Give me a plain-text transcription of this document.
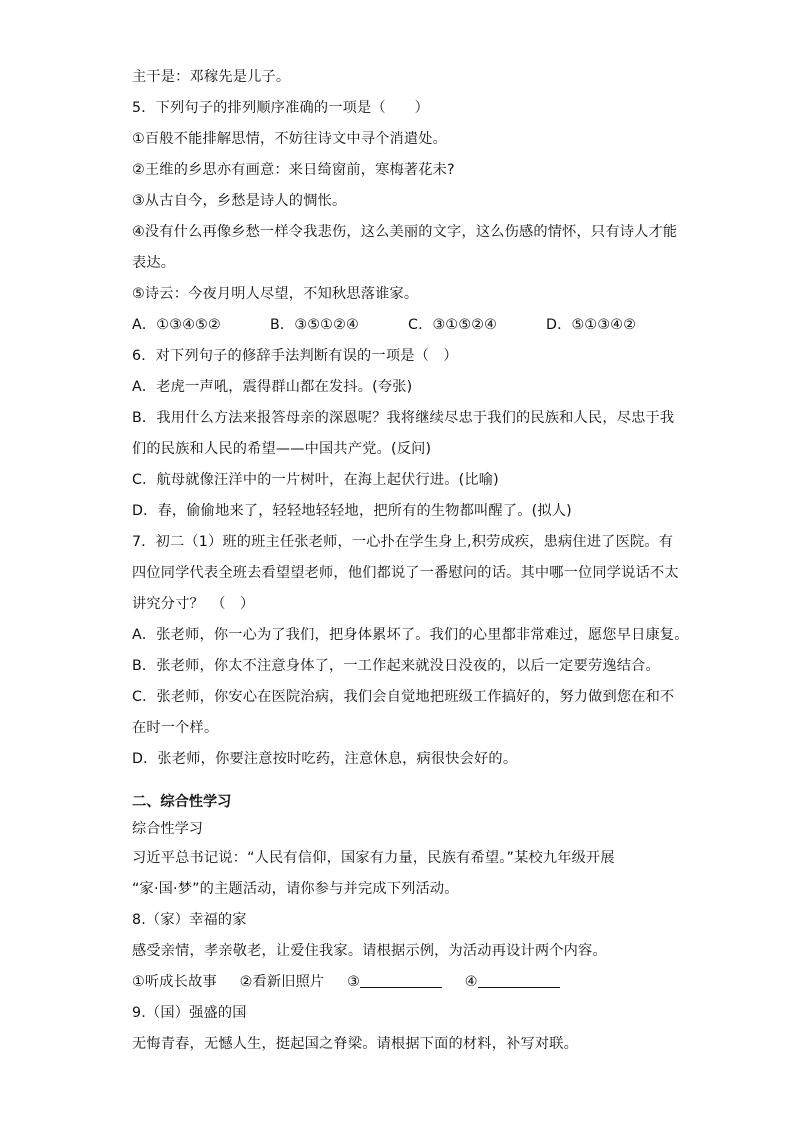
主干是：邓稼先是儿子。
5．下列句子的排列顺序准确的一项是（　　）
①百般不能排解思情，不妨往诗文中寻个消遣处。
②王维的乡思亦有画意：来日绮窗前，寒梅著花未?
③从古自今，乡愁是诗人的惆怅。
④没有什么再像乡愁一样令我悲伤，这么美丽的文字，这么伤感的情怀，只有诗人才能
表达。
⑤诗云：今夜月明人尽望，不知秋思落谁家。
A．①③④⑤②	B．③⑤①②④	C．③①⑤②④	D．⑤①③④②
6．对下列句子的修辞手法判断有误的一项是（　）
A．老虎一声吼，震得群山都在发抖。(夸张)
B．我用什么方法来报答母亲的深恩呢？我将继续尽忠于我们的民族和人民，尽忠于我
们的民族和人民的希望——中国共产党。(反问)
C．航母就像汪洋中的一片树叶，在海上起伏行进。(比喻)
D．春，偷偷地来了，轻轻地轻轻地，把所有的生物都叫醒了。(拟人)
7．初二（1）班的班主任张老师，一心扑在学生身上,积劳成疾，患病住进了医院。有
四位同学代表全班去看望望老师，他们都说了一番慰问的话。其中哪一位同学说话不太
讲究分寸？　（　）
A．张老师，你一心为了我们，把身体累坏了。我们的心里都非常难过，愿您早日康复。
B．张老师，你太不注意身体了，一工作起来就没日没夜的，以后一定要劳逸结合。
C．张老师，你安心在医院治病，我们会自觉地把班级工作搞好的，努力做到您在和不
在时一个样。
D．张老师，你要注意按时吃药，注意休息，病很快会好的。
二、综合性学习
综合性学习
习近平总书记说：“人民有信仰，国家有力量，民族有希望。”某校九年级开展
“家·国·梦”的主题活动，请你参与并完成下列活动。
8.（家）幸福的家
感受亲情，孝亲敬老，让爱住我家。请根据示例，为活动再设计两个内容。
①听成长故事 ②看新旧照片 ③	④
9.（国）强盛的国
无悔青春，无憾人生，挺起国之脊梁。请根据下面的材料，补写对联。
